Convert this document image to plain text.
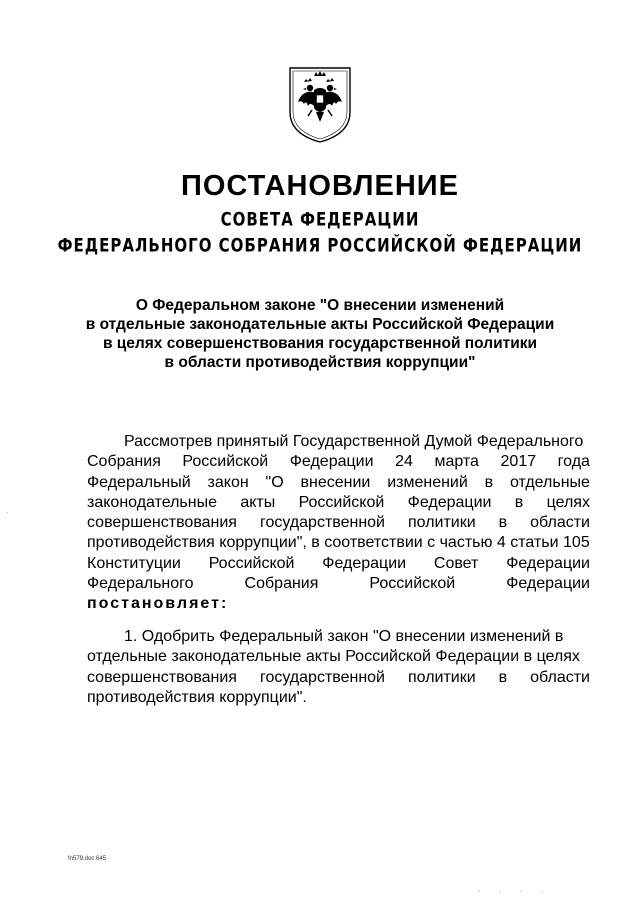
ПОСТАНОВЛЕНИЕ
СОВЕТА ФЕДЕРАЦИИ
ФЕДЕРАЛЬНОГО СОБРАНИЯ РОССИЙСКОЙ ФЕДЕРАЦИИ
О Федеральном законе "О внесении изменений
в отдельные законодательные акты Российской Федерации
в целях совершенствования государственной политики
в области противодействия коррупции"
Рассмотрев принятый Государственной Думой Федерального
Собрания Российской Федерации 24 марта 2017 года
Федеральный закон "О внесении изменений в отдельные
законодательные акты Российской Федерации в целях
совершенствования государственной политики в области
противодействия коррупции", в соответствии с частью 4 статьи 105
Конституции Российской Федерации Совет Федерации
Федерального	Собрания	Российской	Федерации
постановляет:
1. Одобрить Федеральный закон "О внесении изменений в
отдельные законодательные акты Российской Федерации в целях
совершенствования государственной политики в области
противодействия коррупции".
fn579.doc 645
· · · ·
·
